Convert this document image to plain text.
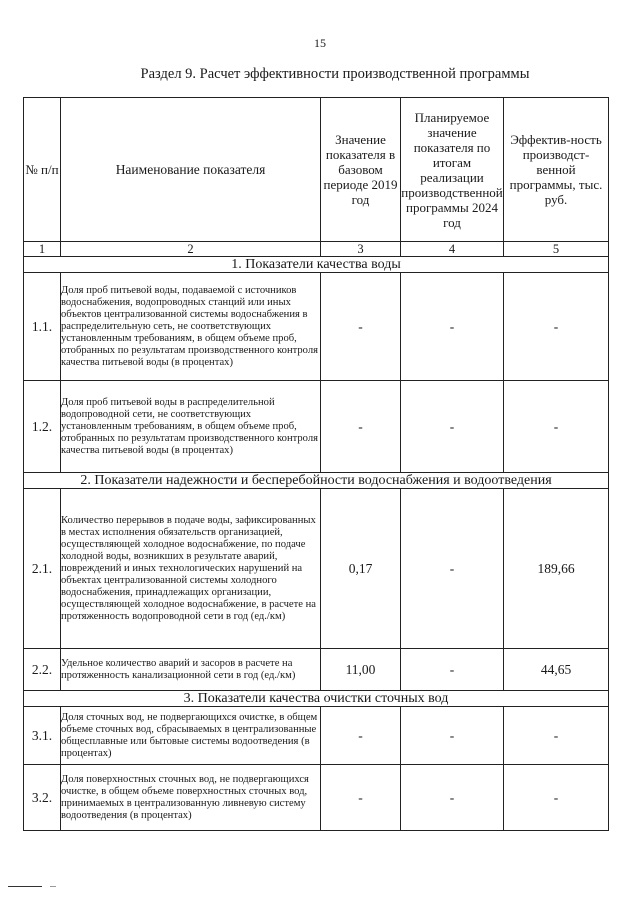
15
Раздел 9. Расчет эффективности производственной программы
№ п/п	Наименование показателя	Значение показателя в базовом периоде 2019 год	Планируемое значение показателя по итогам реализации производственной программы 2024 год	Эффектив-ность производст-венной программы, тыс. руб.
1	2	3	4	5
1. Показатели качества воды				
1.1.	Доля проб питьевой воды, подаваемой с источников водоснабжения, водопроводных станций или иных объектов централизованной системы водоснабжения в распределительную сеть, не соответствующих установленным требованиям, в общем объеме проб, отобранных по результатам производственного контроля качества питьевой воды (в процентах)	-	-	-
1.2.	Доля проб питьевой воды в распределительной водопроводной сети, не соответствующих установленным требованиям, в общем объеме проб, отобранных по результатам производственного контроля качества питьевой воды (в процентах)	-	-	-
2. Показатели надежности и бесперебойности водоснабжения и водоотведения				
2.1.	Количество перерывов в подаче воды, зафиксированных в местах исполнения обязательств организацией, осуществляющей холодное водоснабжение, по подаче холодной воды, возникших в результате аварий, повреждений и иных технологических нарушений на объектах централизованной системы холодного водоснабжения, принадлежащих организации, осуществляющей холодное водоснабжение, в расчете на протяженность водопроводной сети в год (ед./км)	0,17	-	189,66
2.2.	Удельное количество аварий и засоров в расчете на протяженность канализационной сети в год (ед./км)	11,00	-	44,65
3. Показатели качества очистки сточных вод				
3.1.	Доля сточных вод, не подвергающихся очистке, в общем объеме сточных вод, сбрасываемых в централизованные общесплавные или бытовые системы водоотведения (в процентах)	-	-	-
3.2.	Доля поверхностных сточных вод, не подвергающихся очистке, в общем объеме поверхностных сточных вод, принимаемых в централизованную ливневую систему водоотведения (в процентах)	-	-	-
